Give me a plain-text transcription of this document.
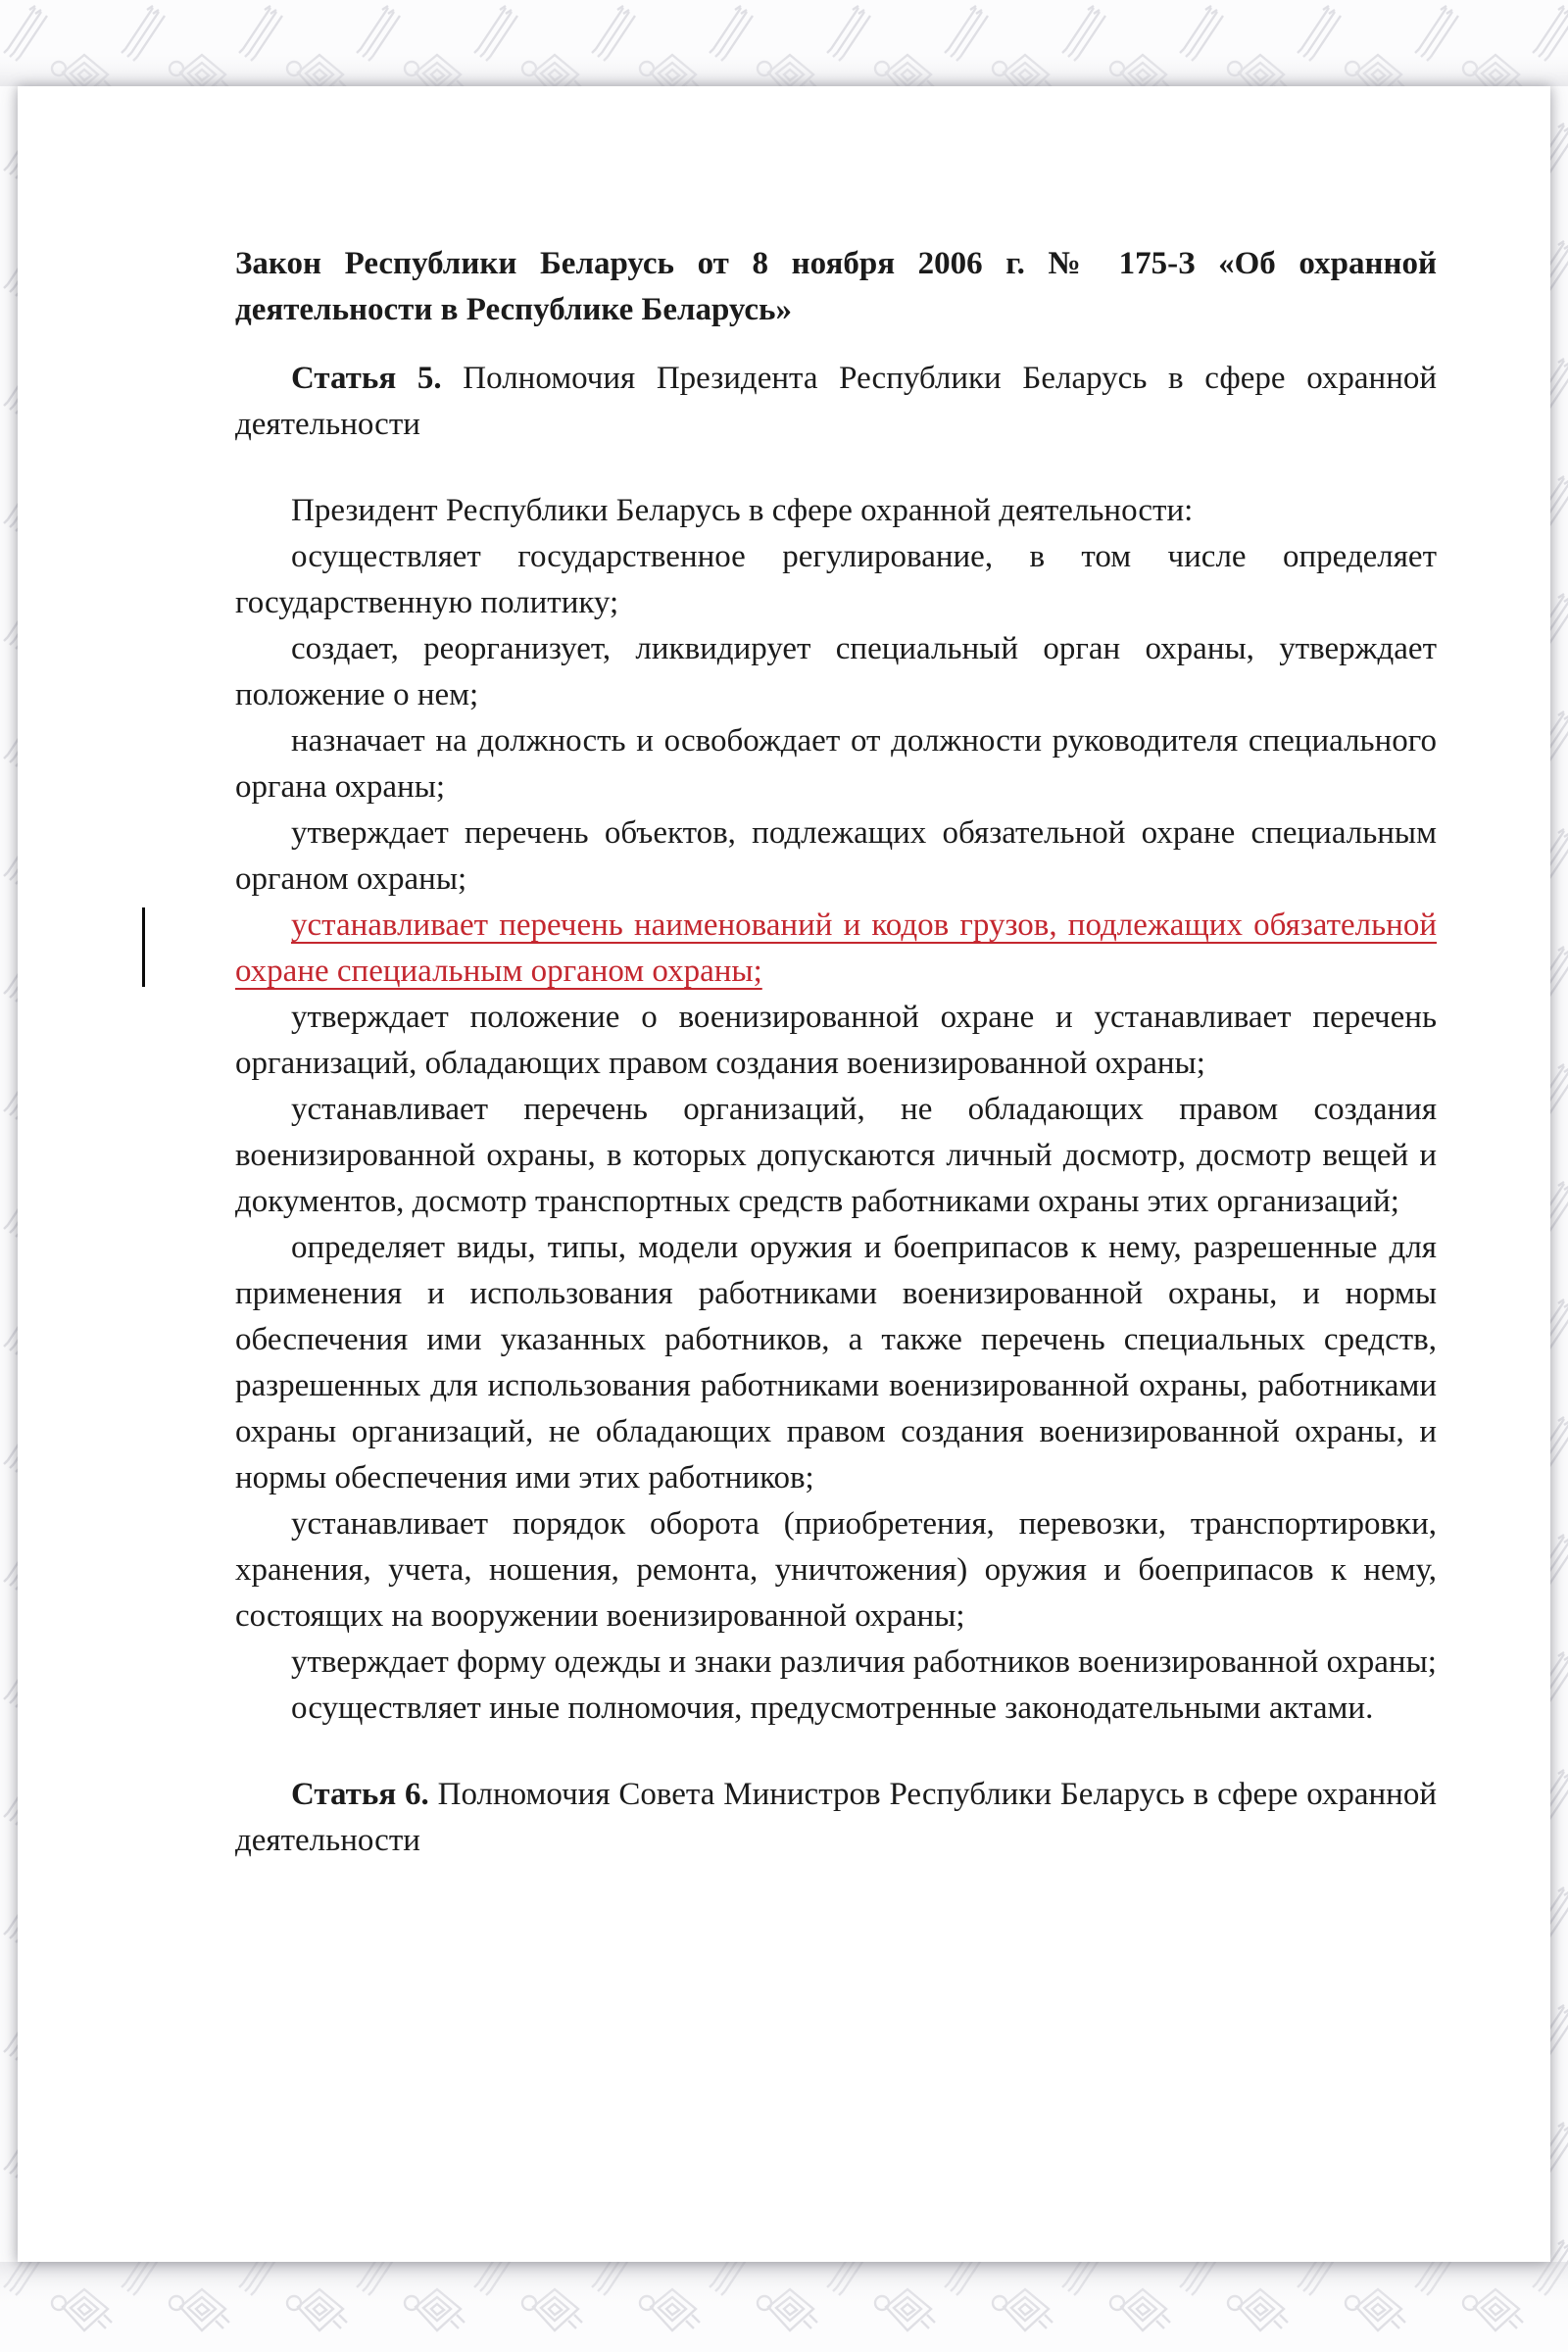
Закон Республики Беларусь от 8 ноября 2006 г. № 175-З «Об охранной деятельности в Республике Беларусь»

Статья 5. Полномочия Президента Республики Беларусь в сфере охранной деятельности

Президент Республики Беларусь в сфере охранной деятельности:

осуществляет государственное регулирование, в том числе определяет государственную политику;

создает, реорганизует, ликвидирует специальный орган охраны, утверждает положение о нем;

назначает на должность и освобождает от должности руководителя специального органа охраны;

утверждает перечень объектов, подлежащих обязательной охране специальным органом охраны;

устанавливает перечень наименований и кодов грузов, подлежащих обязательной охране специальным органом охраны;

утверждает положение о военизированной охране и устанавливает перечень организаций, обладающих правом создания военизированной охраны;

устанавливает перечень организаций, не обладающих правом создания военизированной охраны, в которых допускаются личный досмотр, досмотр вещей и документов, досмотр транспортных средств работниками охраны этих организаций;

определяет виды, типы, модели оружия и боеприпасов к нему, разрешенные для применения и использования работниками военизированной охраны, и нормы обеспечения ими указанных работников, а также перечень специальных средств, разрешенных для использования работниками военизированной охраны, работниками охраны организаций, не обладающих правом создания военизированной охраны, и нормы обеспечения ими этих работников;

устанавливает порядок оборота (приобретения, перевозки, транспортировки, хранения, учета, ношения, ремонта, уничтожения) оружия и боеприпасов к нему, состоящих на вооружении военизированной охраны;

утверждает форму одежды и знаки различия работников военизированной охраны;

осуществляет иные полномочия, предусмотренные законодательными актами.

Статья 6. Полномочия Совета Министров Республики Беларусь в сфере охранной деятельности
